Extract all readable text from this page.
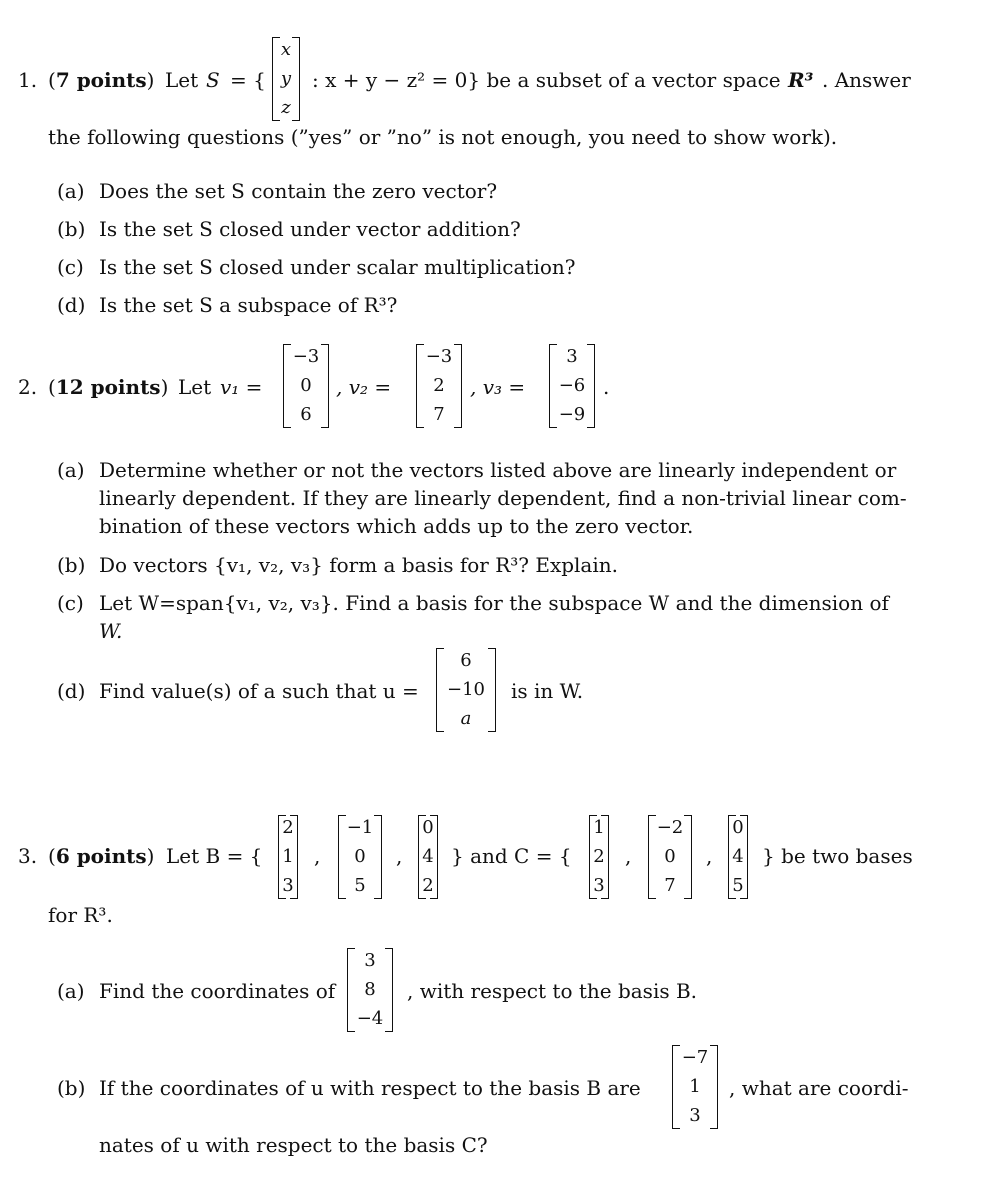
1. (7 points) Let S = {
x
y
z
: x + y − z² = 0} be a subset of a vector space R³ . Answer
the following questions (”yes” or ”no” is not enough, you need to show work).
(a) Does the set S contain the zero vector?
(b) Is the set S closed under vector addition?
(c) Is the set S closed under scalar multiplication?
(d) Is the set S a subspace of R³?
2. (12 points) Let v₁ =
−3
0
6
, v₂ =
−3
2
7
, v₃ =
3
−6
−9
.
(a) Determine whether or not the vectors listed above are linearly independent or
linearly dependent. If they are linearly dependent, find a non-trivial linear com-
bination of these vectors which adds up to the zero vector.
(b) Do vectors {v₁, v₂, v₃} form a basis for R³? Explain.
(c) Let W=span{v₁, v₂, v₃}. Find a basis for the subspace W and the dimension of
W.
(d) Find value(s) of a such that u =
6
−10
a
is in W.
3. (6 points) Let B = {
2
1
3
,
−1
0
5
,
0
4
2
} and C = {
1
2
3
,
−2
0
7
,
0
4
5
} be two bases
for R³.
(a) Find the coordinates of
3
8
−4
, with respect to the basis B.
(b) If the coordinates of u with respect to the basis B are
−7
1
3
, what are coordi-
nates of u with respect to the basis C?
